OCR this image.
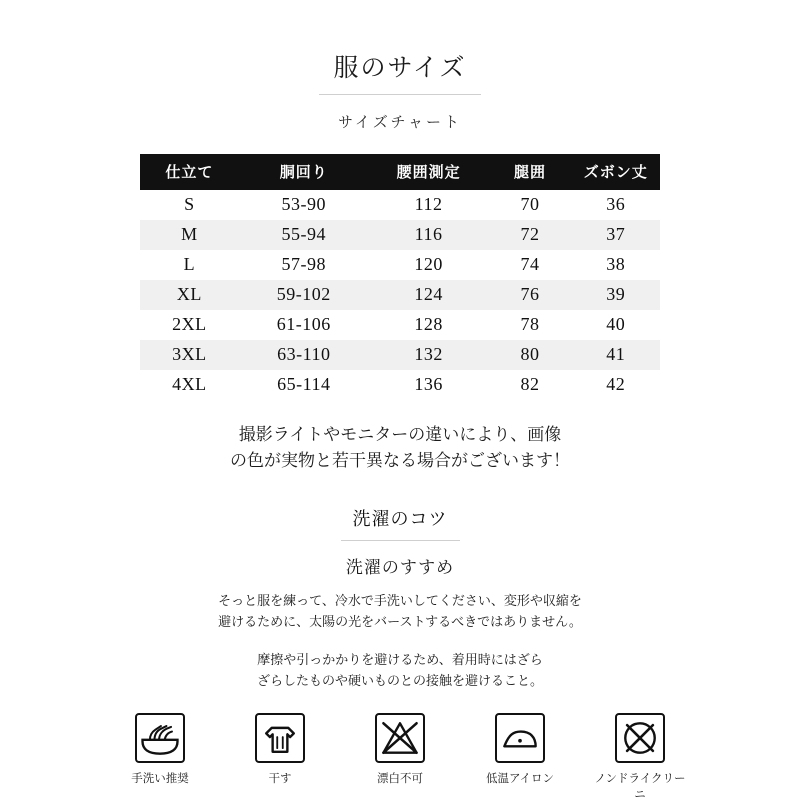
服のサイズ
サイズチャート
仕立て	胴回り	腰囲測定	腿囲	ズボン丈
S	53-90	112	70	36
M	55-94	116	72	37
L	57-98	120	74	38
XL	59-102	124	76	39
2XL	61-106	128	78	40
3XL	63-110	132	80	41
4XL	65-114	136	82	42
撮影ライトやモニターの違いにより、画像
の色が実物と若干異なる場合がございます！
洗濯のコツ
洗濯のすすめ
そっと服を練って、冷水で手洗いしてください、変形や収縮を
避けるために、太陽の光をバーストするべきではありません。
摩擦や引っかかりを避けるため、着用時にはざら
ざらしたものや硬いものとの接触を避けること。
手洗い推奨	干す	漂白不可	低温アイロン	ノンドライクリーニ
